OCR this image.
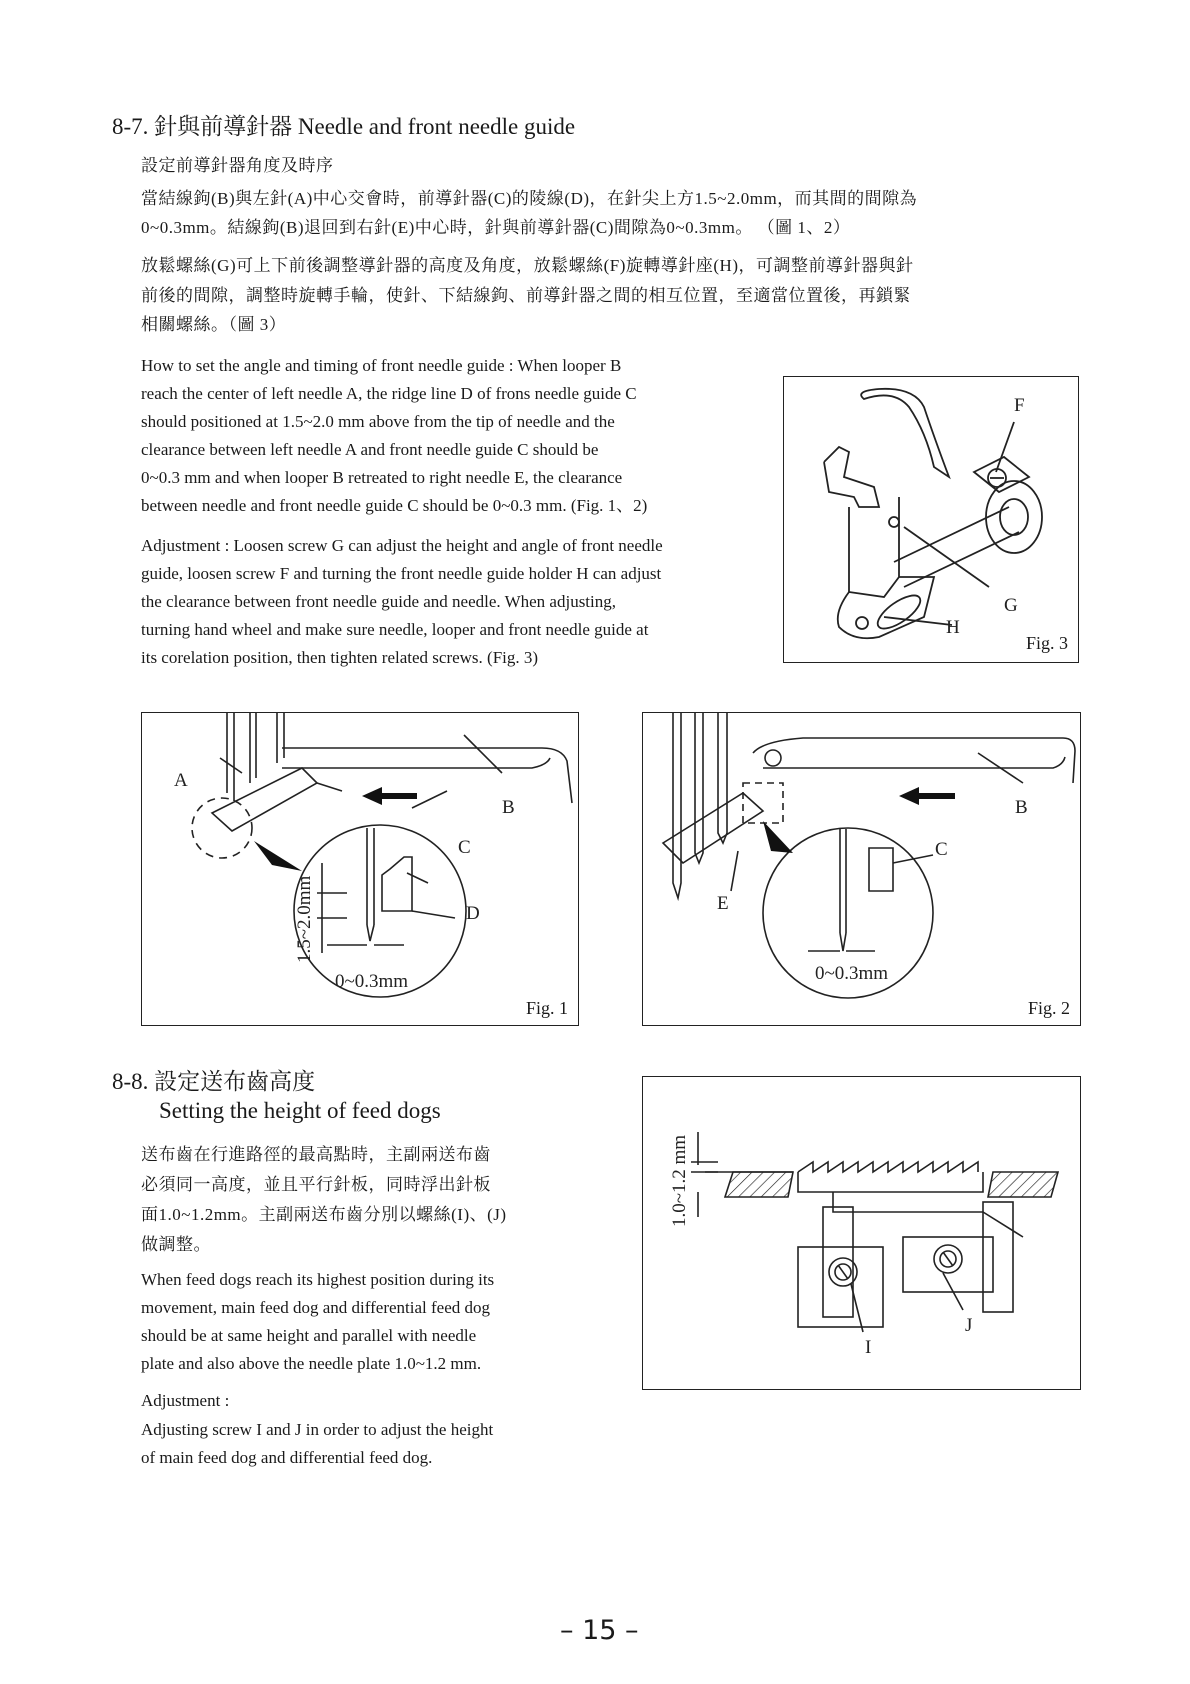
8-7. 針與前導針器 Needle and front needle guide
設定前導針器角度及時序
當結線鉤(B)與左針(A)中心交會時，前導針器(C)的陵線(D)，在針尖上方1.5~2.0mm，而其間的間隙為
0~0.3mm。結線鉤(B)退回到右針(E)中心時，針與前導針器(C)間隙為0~0.3mm。 （圖 1、2）
放鬆螺絲(G)可上下前後調整導針器的高度及角度，放鬆螺絲(F)旋轉導針座(H)，可調整前導針器與針
前後的間隙，調整時旋轉手輪，使針、下結線鉤、前導針器之間的相互位置，至適當位置後，再鎖緊
相關螺絲。（圖 3）
How to set the angle and timing of front needle guide : When looper B
reach the center of left needle A, the ridge line D of frons needle guide C
should positioned at 1.5~2.0 mm above from the tip of needle and the
clearance between left needle A and front needle guide C should be
0~0.3 mm and when looper B retreated to right needle E, the clearance
between needle and front needle guide C should be 0~0.3 mm. (Fig. 1、2)
Adjustment : Loosen screw G can adjust the height and angle of front needle
guide, loosen screw F and turning the front needle guide holder H can adjust
the clearance between front needle guide and needle. When adjusting,
turning hand wheel and make sure needle, looper and front needle guide at
its corelation position, then tighten related screws. (Fig. 3)
F
G
H
Fig. 3
A
B
C
D
1.5~2.0mm
0~0.3mm
Fig. 1
B
C
E
0~0.3mm
Fig. 2
8-8. 設定送布齒高度
Setting the height of feed dogs
送布齒在行進路徑的最高點時，主副兩送布齒
必須同一高度，並且平行針板，同時浮出針板
面1.0~1.2mm。主副兩送布齒分別以螺絲(I)、(J)
做調整。
When feed dogs reach its highest position during its
movement, main feed dog and differential feed dog
should be at same height and parallel with needle
plate and also above the needle plate 1.0~1.2 mm.
Adjustment :
Adjusting screw I and J in order to adjust the height
of main feed dog and differential feed dog.
1.0~1.2 mm
I
J
– 15 –
